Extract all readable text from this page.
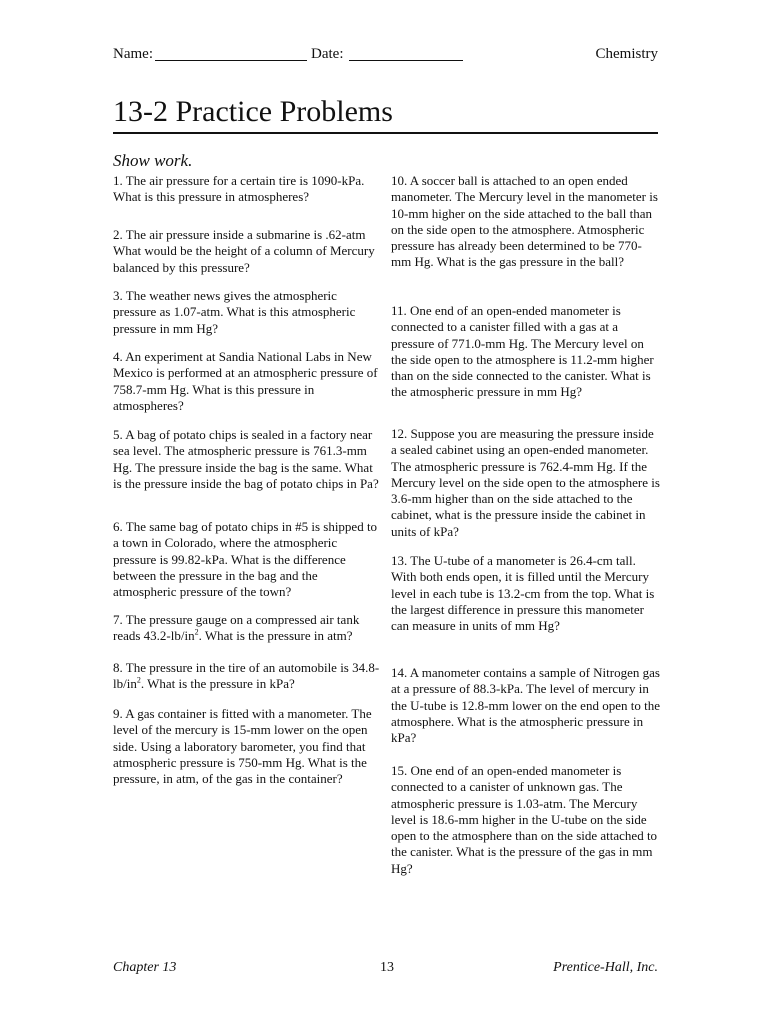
Name:	Date:	Chemistry
13-2 Practice Problems
Show work.

1. The air pressure for a certain tire is 1090-kPa. What is this pressure in atmospheres?

2. The air pressure inside a submarine is .62-atm What would be the height of a column of Mercury balanced by this pressure?

3. The weather news gives the atmospheric pressure as 1.07-atm. What is this atmospheric pressure in mm Hg?

4. An experiment at Sandia National Labs in New Mexico is performed at an atmospheric pressure of 758.7-mm Hg. What is this pressure in atmospheres?

5. A bag of potato chips is sealed in a factory near sea level. The atmospheric pressure is 761.3-mm Hg. The pressure inside the bag is the same. What is the pressure inside the bag of potato chips in Pa?

6. The same bag of potato chips in #5 is shipped to a town in Colorado, where the atmospheric pressure is 99.82-kPa. What is the difference between the pressure in the bag and the atmospheric pressure of the town?

7. The pressure gauge on a compressed air tank reads $43.2-lb/in^2$. What is the pressure in atm?

8. The pressure in the tire of an automobile is $34.8-lb/in^2$. What is the pressure in kPa?

9. A gas container is fitted with a manometer. The level of the mercury is 15-mm lower on the open side. Using a laboratory barometer, you find that atmospheric pressure is 750-mm Hg. What is the pressure, in atm, of the gas in the container?

10. A soccer ball is attached to an open ended manometer. The Mercury level in the manometer is 10-mm higher on the side attached to the ball than on the side open to the atmosphere. Atmospheric pressure has already been determined to be 770-mm Hg. What is the gas pressure in the ball?

11. One end of an open-ended manometer is connected to a canister filled with a gas at a pressure of 771.0-mm Hg. The Mercury level on the side open to the atmosphere is 11.2-mm higher than on the side connected to the canister. What is the atmospheric pressure in mm Hg?

12. Suppose you are measuring the pressure inside a sealed cabinet using an open-ended manometer. The atmospheric pressure is 762.4-mm Hg. If the Mercury level on the side open to the atmosphere is 3.6-mm higher than on the side attached to the cabinet, what is the pressure inside the cabinet in units of kPa?

13. The U-tube of a manometer is 26.4-cm tall. With both ends open, it is filled until the Mercury level in each tube is 13.2-cm from the top. What is the largest difference in pressure this manometer can measure in units of mm Hg?

14. A manometer contains a sample of Nitrogen gas at a pressure of 88.3-kPa. The level of mercury in the U-tube is 12.8-mm lower on the end open to the atmosphere. What is the atmospheric pressure in kPa?

15. One end of an open-ended manometer is connected to a canister of unknown gas. The atmospheric pressure is 1.03-atm. The Mercury level is 18.6-mm higher in the U-tube on the side open to the atmosphere than on the side attached to the canister. What is the pressure of the gas in mm Hg?

Chapter 13	13	Prentice-Hall, Inc.
